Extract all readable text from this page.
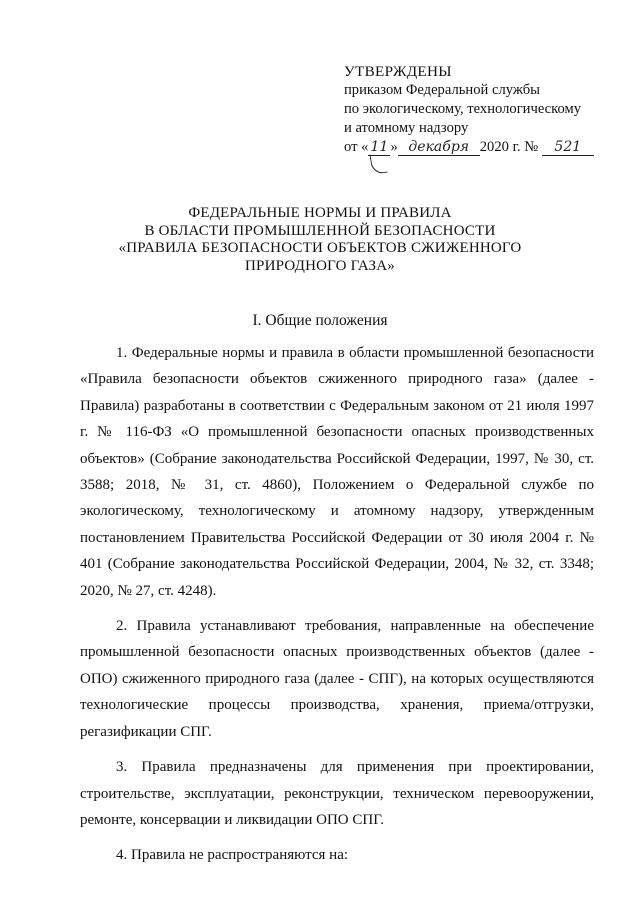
УТВЕРЖДЕНЫ
приказом Федеральной службы
по экологическому, технологическому
и атомному надзору
от « 11 » декабря 2020 г. № 521
ФЕДЕРАЛЬНЫЕ НОРМЫ И ПРАВИЛА
В ОБЛАСТИ ПРОМЫШЛЕННОЙ БЕЗОПАСНОСТИ
«ПРАВИЛА БЕЗОПАСНОСТИ ОБЪЕКТОВ СЖИЖЕННОГО
ПРИРОДНОГО ГАЗА»
I. Общие положения

1. Федеральные нормы и правила в области промышленной безопасности «Правила безопасности объектов сжиженного природного газа» (далее - Правила) разработаны в соответствии с Федеральным законом от 21 июля 1997 г. № 116-ФЗ «О промышленной безопасности опасных производственных объектов» (Собрание законодательства Российской Федерации, 1997, № 30, ст. 3588; 2018, № 31, ст. 4860), Положением о Федеральной службе по экологическому, технологическому и атомному надзору, утвержденным постановлением Правительства Российской Федерации от 30 июля 2004 г. № 401 (Собрание законодательства Российской Федерации, 2004, № 32, ст. 3348; 2020, № 27, ст. 4248).

2. Правила устанавливают требования, направленные на обеспечение промышленной безопасности опасных производственных объектов (далее - ОПО) сжиженного природного газа (далее - СПГ), на которых осуществляются технологические процессы производства, хранения, приема/отгрузки, регазификации СПГ.

3. Правила предназначены для применения при проектировании, строительстве, эксплуатации, реконструкции, техническом перевооружении, ремонте, консервации и ликвидации ОПО СПГ.

4. Правила не распространяются на:
